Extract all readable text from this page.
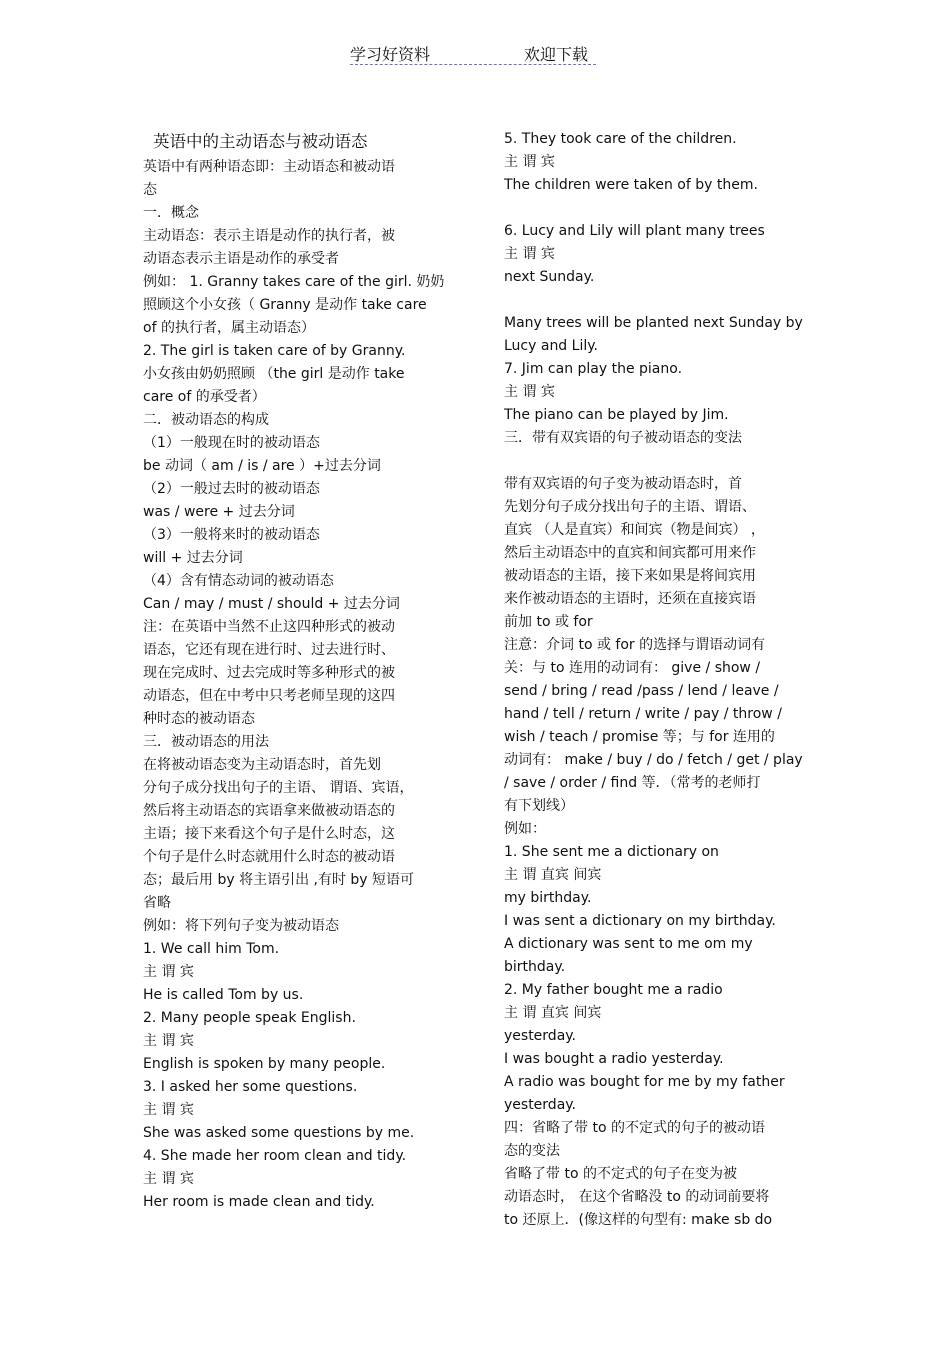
学习好资料	欢迎下载
英语中的主动语态与被动语态
英语中有两种语态即：主动语态和被动语
态
一．概念
主动语态：表示主语是动作的执行者，被
动语态表示主语是动作的承受者
例如： 1. Granny takes care of the girl. 奶奶
照顾这个小女孩（ Granny 是动作 take care
of 的执行者，属主动语态）
2. The girl is taken care of by Granny.
小女孩由奶奶照顾 （the girl 是动作 take
care of 的承受者）
二．被动语态的构成
（1）一般现在时的被动语态
be 动词（ am / is / are ）+过去分词
（2）一般过去时的被动语态
was / were + 过去分词
（3）一般将来时的被动语态
will + 过去分词
（4）含有情态动词的被动语态
Can / may / must / should + 过去分词
注：在英语中当然不止这四种形式的被动
语态，它还有现在进行时、过去进行时、
现在完成时、过去完成时等多种形式的被
动语态，但在中考中只考老师呈现的这四
种时态的被动语态
三．被动语态的用法
在将被动语态变为主动语态时，首先划
分句子成分找出句子的主语、 谓语、宾语，
然后将主动语态的宾语拿来做被动语态的
主语；接下来看这个句子是什么时态，这
个句子是什么时态就用什么时态的被动语
态；最后用 by 将主语引出 ,有时 by 短语可
省略
例如：将下列句子变为被动语态
1. We call him Tom.
主 谓 宾
He is called Tom by us.
2. Many people speak English.
主 谓 宾
English is spoken by many people.
3. I asked her some questions.
主 谓 宾
She was asked some questions by me.
4. She made her room clean and tidy.
主 谓 宾
Her room is made clean and tidy.
5. They took care of the children.
主 谓 宾
The children were taken of by them.
6. Lucy and Lily will plant many trees
主 谓 宾
next Sunday.
Many trees will be planted next Sunday by
Lucy and Lily.
7. Jim can play the piano.
主 谓 宾
The piano can be played by Jim.
三．带有双宾语的句子被动语态的变法
带有双宾语的句子变为被动语态时，首
先划分句子成分找出句子的主语、谓语、
直宾 （人是直宾）和间宾（物是间宾） ，
然后主动语态中的直宾和间宾都可用来作
被动语态的主语，接下来如果是将间宾用
来作被动语态的主语时，还须在直接宾语
前加 to 或 for
注意：介词 to 或 for 的选择与谓语动词有
关：与 to 连用的动词有： give / show /
send / bring / read /pass / lend / leave /
hand / tell / return / write / pay / throw /
wish / teach / promise 等；与 for 连用的
动词有： make / buy / do / fetch / get / play
/ save / order / find 等．（常考的老师打
有下划线）
例如：
1. She sent me a dictionary on
主 谓 直宾 间宾
my birthday.
I was sent a dictionary on my birthday.
A dictionary was sent to me om my
birthday.
2. My father bought me a radio
主 谓 直宾 间宾
yesterday.
I was bought a radio yesterday.
A radio was bought for me by my father
yesterday.
四：省略了带 to 的不定式的句子的被动语
态的变法
省略了带 to 的不定式的句子在变为被
动语态时， 在这个省略没 to 的动词前要将
to 还原上．(像这样的句型有: make sb do
